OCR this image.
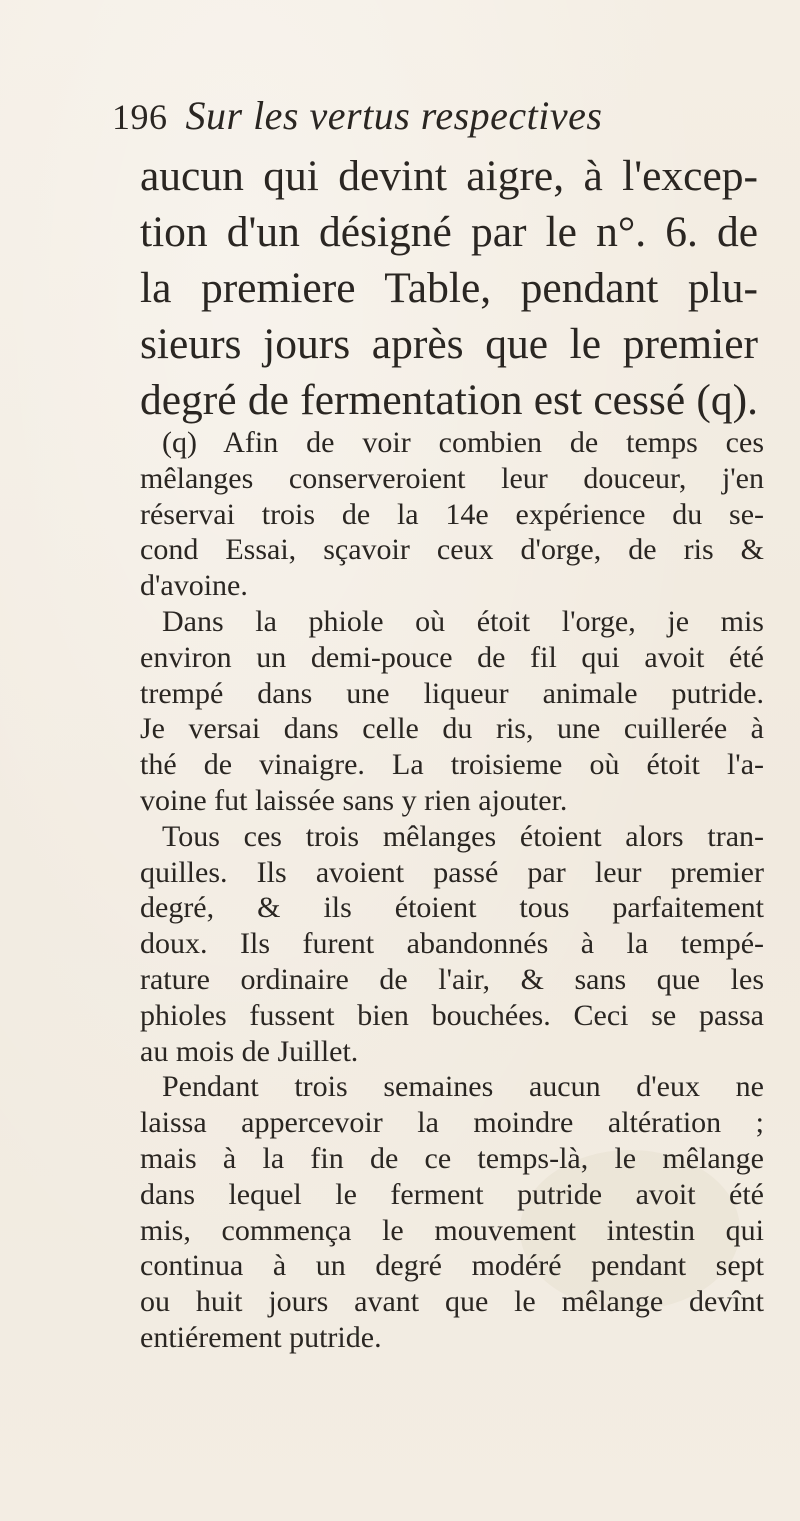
196 Sur les vertus respectives
aucun qui devint aigre, à l'excep-
tion d'un désigné par le n°. 6. de
la premiere Table, pendant plu-
sieurs jours après que le premier
degré de fermentation est cessé (q).

(q) Afin de voir combien de temps ces
mêlanges conserveroient leur douceur, j'en
réservai trois de la 14e expérience du se-
cond Essai, sçavoir ceux d'orge, de ris &
d'avoine.

Dans la phiole où étoit l'orge, je mis
environ un demi-pouce de fil qui avoit été
trempé dans une liqueur animale putride.
Je versai dans celle du ris, une cuillerée à
thé de vinaigre. La troisieme où étoit l'a-
voine fut laissée sans y rien ajouter.

Tous ces trois mêlanges étoient alors tran-
quilles. Ils avoient passé par leur premier
degré, & ils étoient tous parfaitement
doux. Ils furent abandonnés à la tempé-
rature ordinaire de l'air, & sans que les
phioles fussent bien bouchées. Ceci se passa
au mois de Juillet.

Pendant trois semaines aucun d'eux ne
laissa appercevoir la moindre altération ;
mais à la fin de ce temps-là, le mêlange
dans lequel le ferment putride avoit été
mis, commença le mouvement intestin qui
continua à un degré modéré pendant sept
ou huit jours avant que le mêlange devînt
entiérement putride.
